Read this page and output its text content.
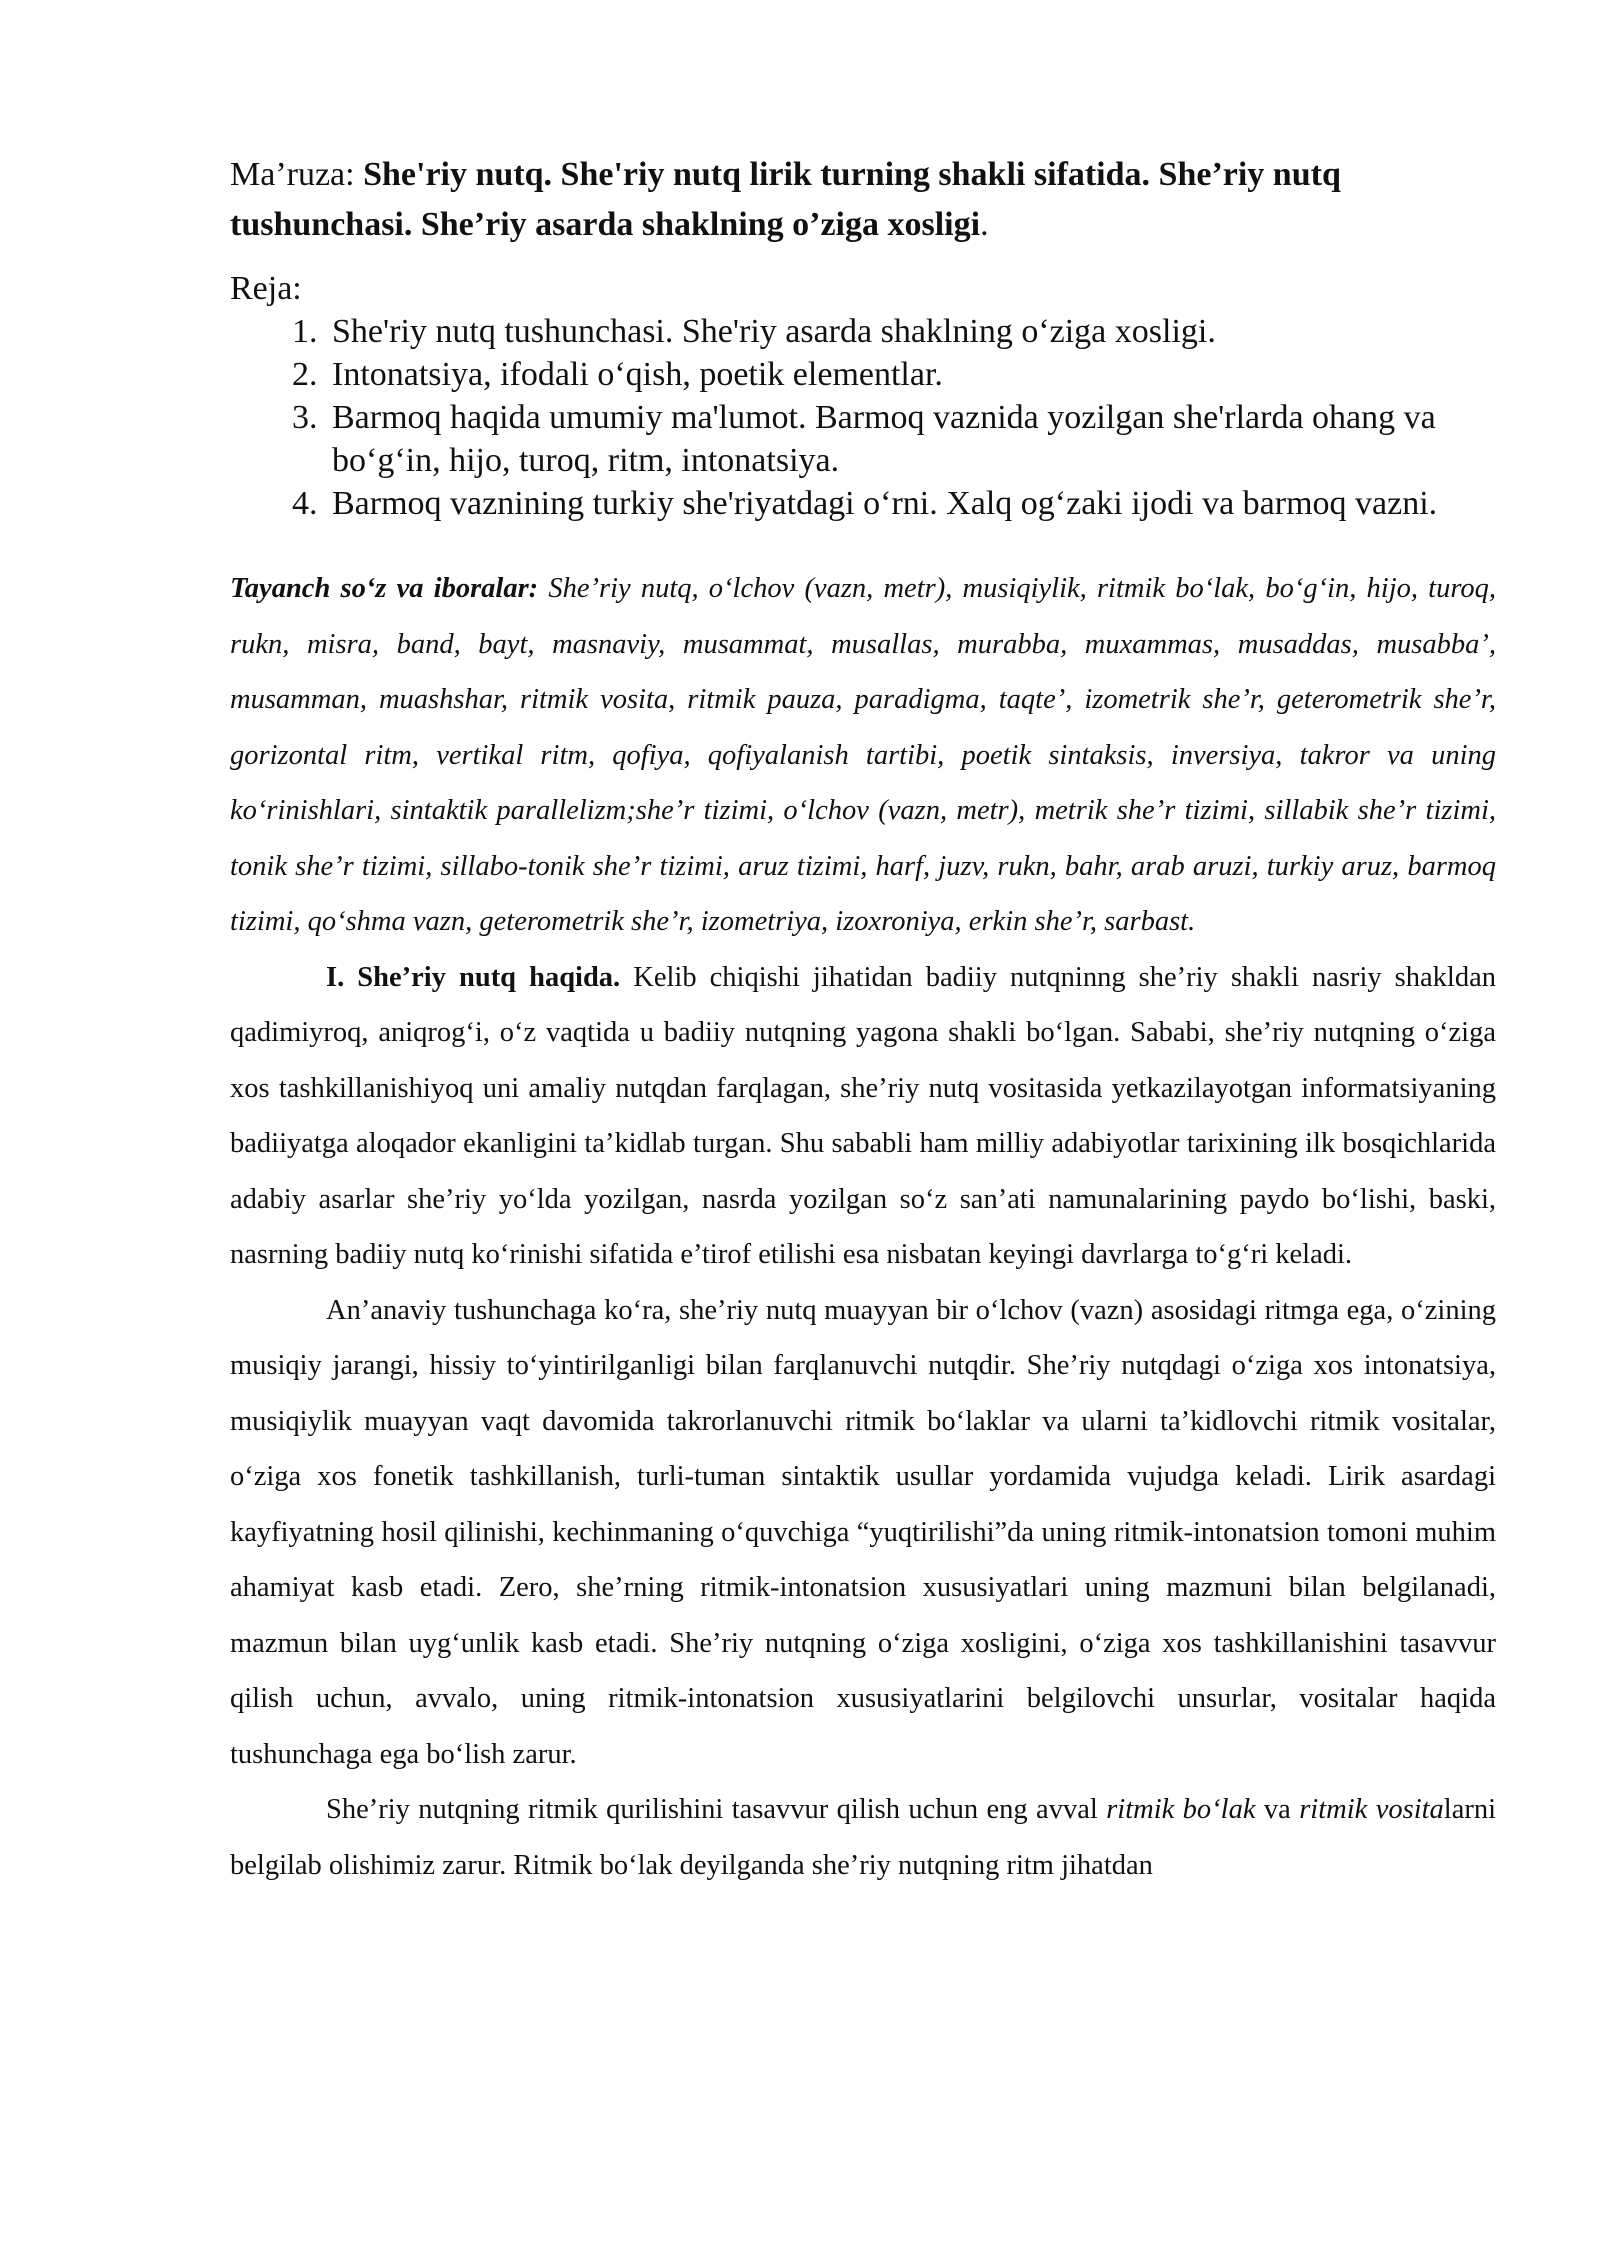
Ma’ruza: She'riy nutq. She'riy nutq lirik turning shakli sifatida. She’riy nutq tushunchasi. She’riy asarda shaklning o’ziga xosligi.
Reja:
1. She'riy nutq tushunchasi. She'riy asarda shaklning o‘ziga xosligi.
2. Intonatsiya, ifodali o‘qish, poetik elementlar.
3. Barmoq haqida umumiy ma'lumot. Barmoq vaznida yozilgan she'rlarda ohang va bo‘g‘in, hijo, turoq, ritm, intonatsiya.
4. Barmoq vaznining turkiy she'riyatdagi o‘rni. Xalq og‘zaki ijodi va barmoq vazni.

Tayanch so‘z va iboralar: She’riy nutq, o‘lchov (vazn, metr), musiqiylik, ritmik bo‘lak, bo‘g‘in, hijo, turoq, rukn, misra, band, bayt, masnaviy, musammat, musallas, murabba, muxammas, musaddas, musabba’, musamman, muashshar, ritmik vosita, ritmik pauza, paradigma, taqte’, izometrik she’r, geterometrik she’r, gorizontal ritm, vertikal ritm, qofiya, qofiyalanish tartibi, poetik sintaksis, inversiya, takror va uning ko‘rinishlari, sintaktik parallelizm;she’r tizimi, o‘lchov (vazn, metr), metrik she’r tizimi, sillabik she’r tizimi, tonik she’r tizimi, sillabo-tonik she’r tizimi, aruz tizimi, harf, juzv, rukn, bahr, arab aruzi, turkiy aruz, barmoq tizimi, qo‘shma vazn, geterometrik she’r, izometriya, izoxroniya, erkin she’r, sarbast.

I. She’riy nutq haqida. Kelib chiqishi jihatidan badiiy nutqninng she’riy shakli nasriy shakldan qadimiyroq, aniqrog‘i, o‘z vaqtida u badiiy nutqning yagona shakli bo‘lgan. Sababi, she’riy nutqning o‘ziga xos tashkillanishiyoq uni amaliy nutqdan farqlagan, she’riy nutq vositasida yetkazilayotgan informatsiyaning badiiyatga aloqador ekanligini ta’kidlab turgan. Shu sababli ham milliy adabiyotlar tarixining ilk bosqichlarida adabiy asarlar she’riy yo‘lda yozilgan, nasrda yozilgan so‘z san’ati namunalarining paydo bo‘lishi, baski, nasrning badiiy nutq ko‘rinishi sifatida e’tirof etilishi esa nisbatan keyingi davrlarga to‘g‘ri keladi.

An’anaviy tushunchaga ko‘ra, she’riy nutq muayyan bir o‘lchov (vazn) asosidagi ritmga ega, o‘zining musiqiy jarangi, hissiy to‘yintirilganligi bilan farqlanuvchi nutqdir. She’riy nutqdagi o‘ziga xos intonatsiya, musiqiylik muayyan vaqt davomida takrorlanuvchi ritmik bo‘laklar va ularni ta’kidlovchi ritmik vositalar, o‘ziga xos fonetik tashkillanish, turli-tuman sintaktik usullar yordamida vujudga keladi. Lirik asardagi kayfiyatning hosil qilinishi, kechinmaning o‘quvchiga “yuqtirilishi”da uning ritmik-intonatsion tomoni muhim ahamiyat kasb etadi. Zero, she’rning ritmik-intonatsion xususiyatlari uning mazmuni bilan belgilanadi, mazmun bilan uyg‘unlik kasb etadi. She’riy nutqning o‘ziga xosligini, o‘ziga xos tashkillanishini tasavvur qilish uchun, avvalo, uning ritmik-intonatsion xususiyatlarini belgilovchi unsurlar, vositalar haqida tushunchaga ega bo‘lish zarur.

She’riy nutqning ritmik qurilishini tasavvur qilish uchun eng avval ritmik bo‘lak va ritmik vositalarni belgilab olishimiz zarur. Ritmik bo‘lak deyilganda she’riy nutqning ritm jihatdan
